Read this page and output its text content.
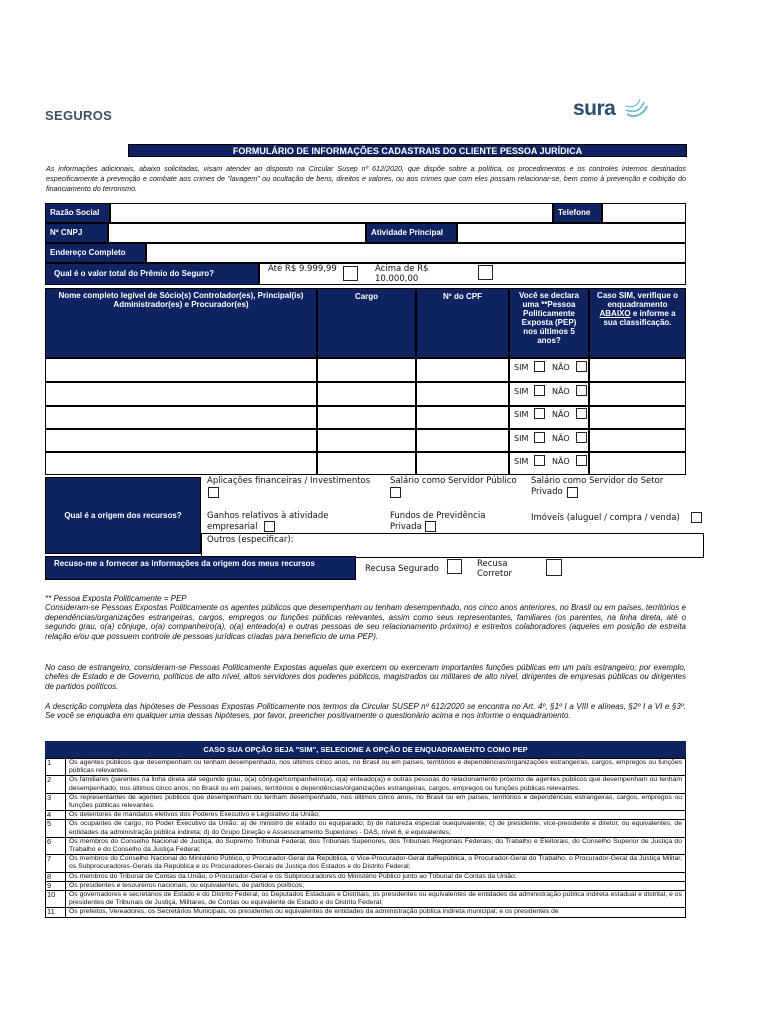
SEGUROS	sura
FORMULÁRIO DE INFORMAÇÕES CADASTRAIS DO CLIENTE PESSOA JURÍDICA
As informações adicionais, abaixo solicitadas, visam atender ao disposto na Circular Susep nº 612/2020, que dispõe sobre a política, os procedimentos e os controles internos destinados especificamente à prevenção e combate aos crimes de "lavagem" ou ocultação de bens, direitos e valores, ou aos crimes que com eles possam relacionar-se, bem como à prevenção e coibição do financiamento do terrorismo.
Razão Social	Telefone
Nº CNPJ	Atividade Principal
Endereço Completo
Qual é o valor total do Prêmio do Seguro?	Até R$ 9.999,99	Acima de R$
10.000,00
Nome completo legível de Sócio(s) Controlador(es), Principal(is) Administrador(es) e Procurador(es)
Cargo	Nº do CPF	Você se declara uma **Pessoa Politicamente Exposta (PEP) nos últimos 5 anos?
Caso SIM, verifique o enquadramento ABAIXO e informe a sua classificação.
SIM	NÃO
SIM	NÃO
SIM	NÃO
SIM	NÃO
SIM	NÃO
Qual é a origem dos recursos?
Aplicações financeiras / Investimentos Salário como Servidor Público Salário como Servidor do Setor
Privado
Ganhos relativos à atividade
empresarial
Fundos de Previdência
Privada
Imóveis (aluguel / compra / venda)
Outros (especificar):
Recuso-me a fornecer as informações da origem dos meus recursos
Recusa Segurado	Recusa
Corretor
** Pessoa Exposta Politicamente = PEP
Consideram-se Pessoas Expostas Politicamente os agentes públicos que desempenham ou tenham desempenhado, nos cinco anos anteriores, no Brasil ou em países, territórios e dependências/organizações estrangeiras, cargos, empregos ou funções públicas relevantes, assim como seus representantes, familiares (os parentes, na linha direta, até o segundo grau, o(a) cônjuge, o(a) companheiro(a), o(a) enteado(a) e outras pessoas de seu relacionamento próximo) e estreitos colaboradores (aqueles em posição de estreita relação e/ou que possuem controle de pessoas jurídicas criadas para benefício de uma PEP).
No caso de estrangeiro, consideram-se Pessoas Politicamente Expostas aquelas que exercem ou exerceram importantes funções públicas em um país estrangeiro; por exemplo, chefes de Estado e de Governo, políticos de alto nível, altos servidores dos poderes públicos, magistrados ou militares de alto nível, dirigentes de empresas públicas ou dirigentes de partidos políticos.
A descrição completa das hipóteses de Pessoas Expostas Politicamente nos termos da Circular SUSEP nº 612/2020 se encontra no Art. 4º, §1º I a VIII e alíneas, §2º I a VI e §3º. Se você se enquadra em qualquer uma dessas hipóteses, por favor, preencher positivamente o questionário acima e nos informe o enquadramento.
CASO SUA OPÇÃO SEJA "SIM", SELECIONE A OPÇÃO DE ENQUADRAMENTO COMO PEP
1	Os agentes públicos que desempenham ou tenham desempenhado, nos últimos cinco anos, no Brasil ou em países, territórios e dependências/organizações estrangeiras, cargos, empregos ou funções públicas relevantes.
2	Os familiares (parentes na linha direta até segundo grau, o(a) cônjuge/companheiro(a), o(a) enteado(a)) e outras pessoas do relacionamento próximo de agentes públicos que desempenham ou tenham desempenhado, nos últimos cinco anos, no Brasil ou em países, territórios e dependências/organizações estrangeiras, cargos, empregos ou funções públicas relevantes.
3	Os representantes de agentes públicos que desempenham ou tenham desempenhado, nos últimos cinco anos, no Brasil ou em países, territórios e dependências estrangeiras, cargos, empregos ou funções públicas relevantes.
4	Os detentores de mandatos eletivos dos Poderes Executivo e Legislativo da União;
5	Os ocupantes de cargo, no Poder Executivo da União: a) de ministro de estado ou equiparado; b) de natureza especial ouequivalente; c) de presidente, vice-presidente e diretor, ou equivalentes, de entidades da administração pública indireta; d) do Grupo Direção e Assessoramento Superiores - DAS, nível 6, e equivalentes;
6	Os membros do Conselho Nacional de Justiça, do Supremo Tribunal Federal, dos Tribunais Superiores, dos Tribunais Regionais Federais, do Trabalho e Eleitorais, do Conselho Superior de Justiça do Trabalho e do Conselho da Justiça Federal;
7	Os membros do Conselho Nacional do Ministério Público, o Procurador-Geral da República, o Vice-Procurador-Geral daRepública, o Procurador-Geral do Trabalho, o Procurador-Geral da Justiça Militar, os Subprocuradores-Gerais da República e os Procuradores-Gerais de Justiça dos Estados e do Distrito Federal;
8	Os membros do Tribunal de Contas da União, o Procurador-Geral e os Subprocuradores do Ministério Público junto ao Tribunal de Contas da União;
9	Os presidentes e tesoureiros nacionais, ou equivalentes, de partidos políticos;
10	Os governadores e secretários de Estado e do Distrito Federal, os Deputados Estaduais e Distritais, os presidentes ou equivalentes de entidades da administração pública indireta estadual e distrital, e os presidentes de Tribunais de Justiça, Militares, de Contas ou equivalente de Estado e do Distrito Federal;
11	Os prefeitos, Vereadores, os Secretários Municipais, os presidentes ou equivalentes de entidades da administração pública indireta municipal, e os presidentes de
